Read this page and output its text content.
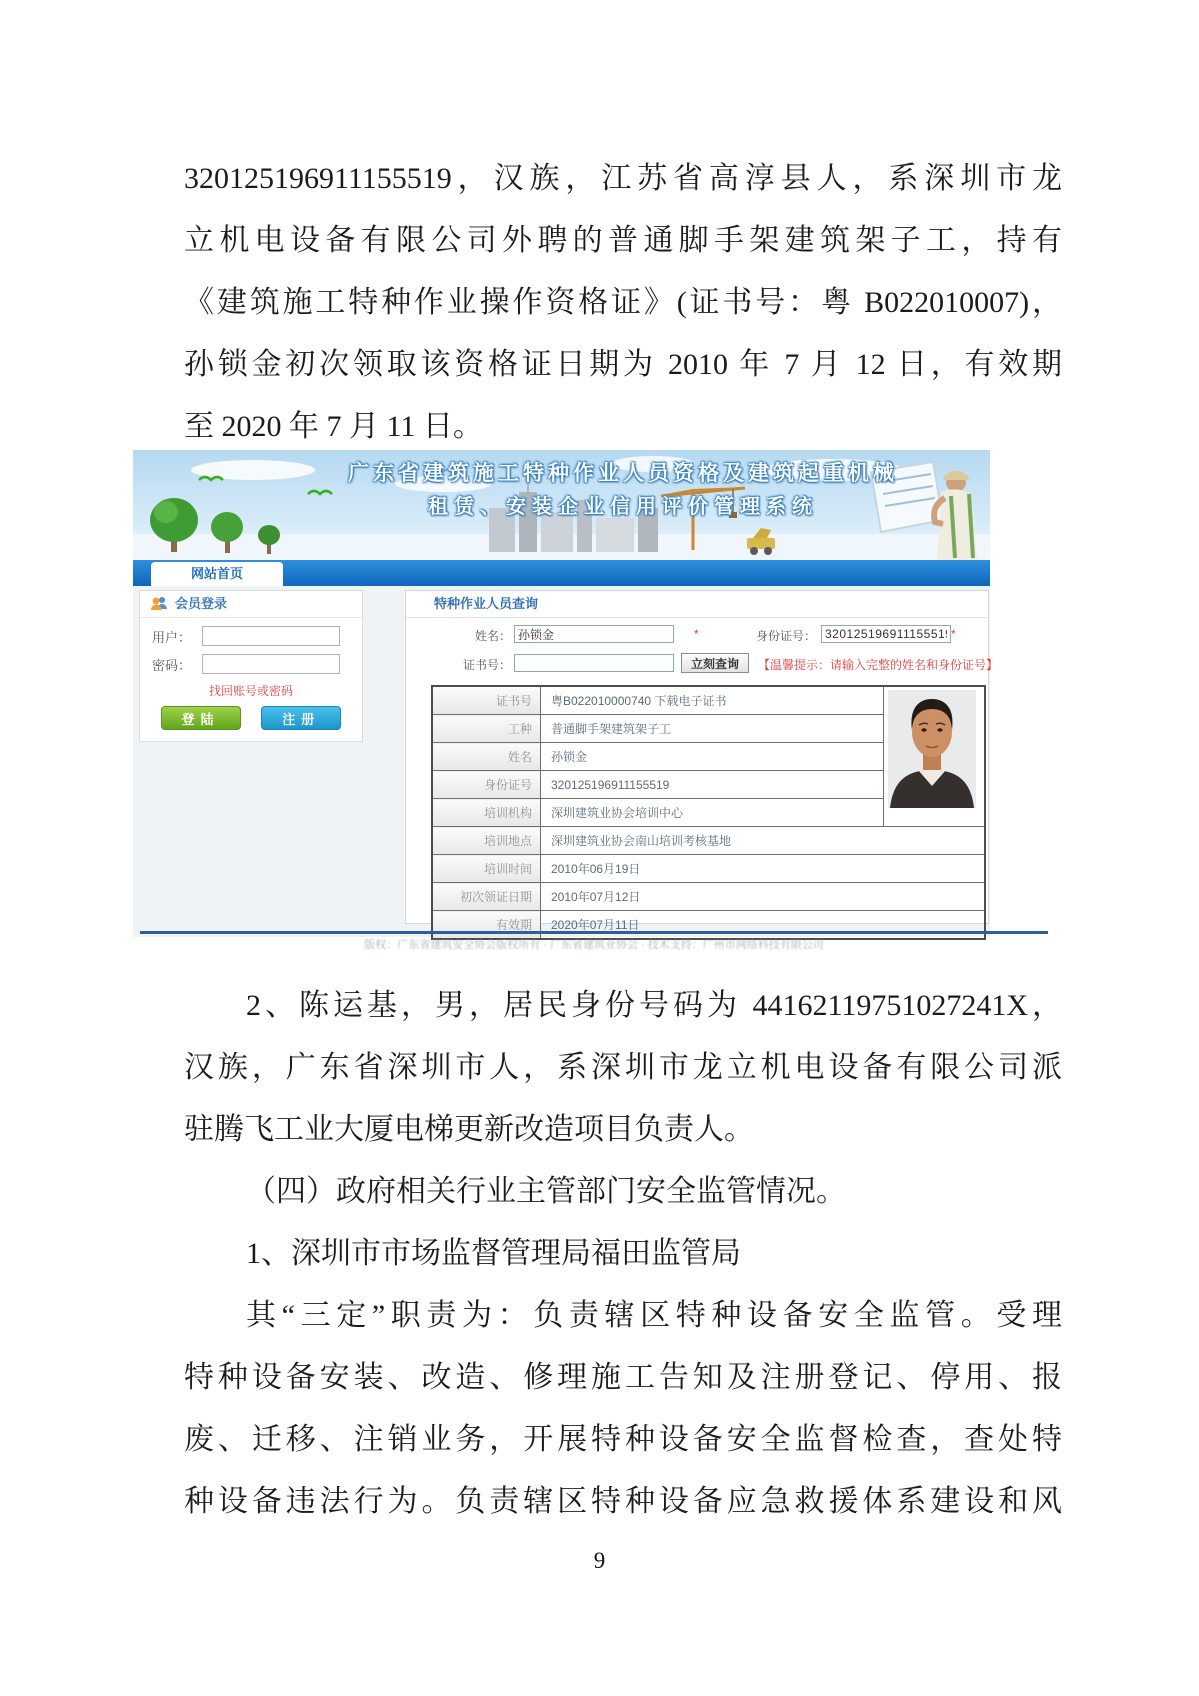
320125196911155519，汉族，江苏省高淳县人，系深圳市龙
立机电设备有限公司外聘的普通脚手架建筑架子工，持有
《建筑施工特种作业操作资格证》(证书号：粤 B022010007)，
孙锁金初次领取该资格证日期为 2010 年 7 月 12 日，有效期
至 2020 年 7 月 11 日。
广东省建筑施工特种作业人员资格及建筑起重机械
租赁、安装企业信用评价管理系统
网站首页
会员登录
用户：
密码：
找回账号或密码
登陆	注册
特种作业人员查询
姓名：
孙锁金	*	身份证号：
320125196911155519	*
证书号：	立刻查询	【温馨提示：请输入完整的姓名和身份证号】
证书号	粤B022010000740 下载电子证书	
工种	普通脚手架建筑架子工	
姓名	孙锁金	
身份证号	320125196911155519	
培训机构	深圳建筑业协会培训中心	
培训地点	深圳建筑业协会南山培训考核基地	
培训时间	2010年06月19日	
初次领证日期	2010年07月12日	
有效期	2020年07月11日	
版权：广东省建筑安全协会版权所有 · 广东省建筑业协会 · 技术支持：广州市网络科技有限公司
2、陈运基，男，居民身份号码为 44162119751027241X，
汉族，广东省深圳市人，系深圳市龙立机电设备有限公司派
驻腾飞工业大厦电梯更新改造项目负责人。
（四）政府相关行业主管部门安全监管情况。
1、深圳市市场监督管理局福田监管局
其“三定”职责为：负责辖区特种设备安全监管。受理
特种设备安装、改造、修理施工告知及注册登记、停用、报
废、迁移、注销业务，开展特种设备安全监督检查，查处特
种设备违法行为。负责辖区特种设备应急救援体系建设和风
9
